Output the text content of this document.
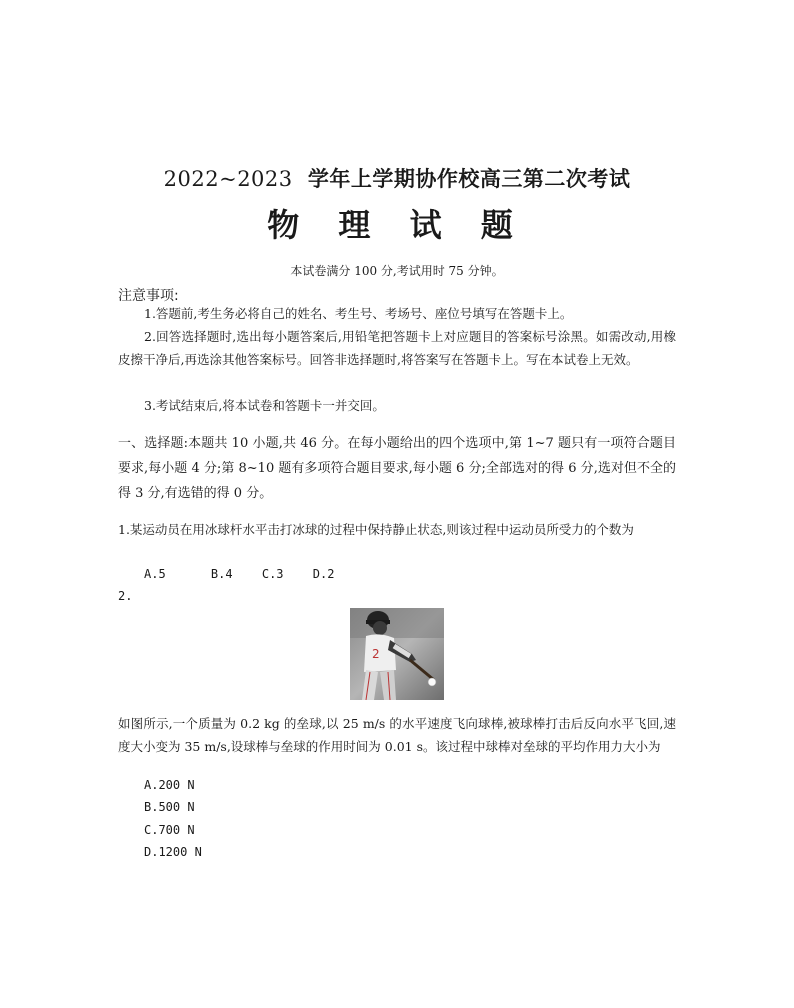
2022~2023 学年上学期协作校高三第二次考试
物 理 试 题
本试卷满分 100 分,考试用时 75 分钟。
注意事项:
1.答题前,考生务必将自己的姓名、考生号、考场号、座位号填写在答题卡上。
2.回答选择题时,选出每小题答案后,用铅笔把答题卡上对应题目的答案标号涂黑。如需改动,用橡皮擦干净后,再选涂其他答案标号。回答非选择题时,将答案写在答题卡上。写在本试卷上无效。
3.考试结束后,将本试卷和答题卡一并交回。
一、选择题:本题共 10 小题,共 46 分。在每小题给出的四个选项中,第 1~7 题只有一项符合题目要求,每小题 4 分;第 8~10 题有多项符合题目要求,每小题 6 分;全部选对的得 6 分,选对但不全的得 3 分,有选错的得 0 分。
1.某运动员在用冰球杆水平击打冰球的过程中保持静止状态,则该过程中运动员所受力的个数为
A.5	B.4 C.3 D.2
2.
2
如图所示,一个质量为 0.2 kg 的垒球,以 25 m/s 的水平速度飞向球棒,被球棒打击后反向水平飞回,速度大小变为 35 m/s,设球棒与垒球的作用时间为 0.01 s。该过程中球棒对垒球的平均作用力大小为
A.200 N
B.500 N
C.700 N
D.1200 N
